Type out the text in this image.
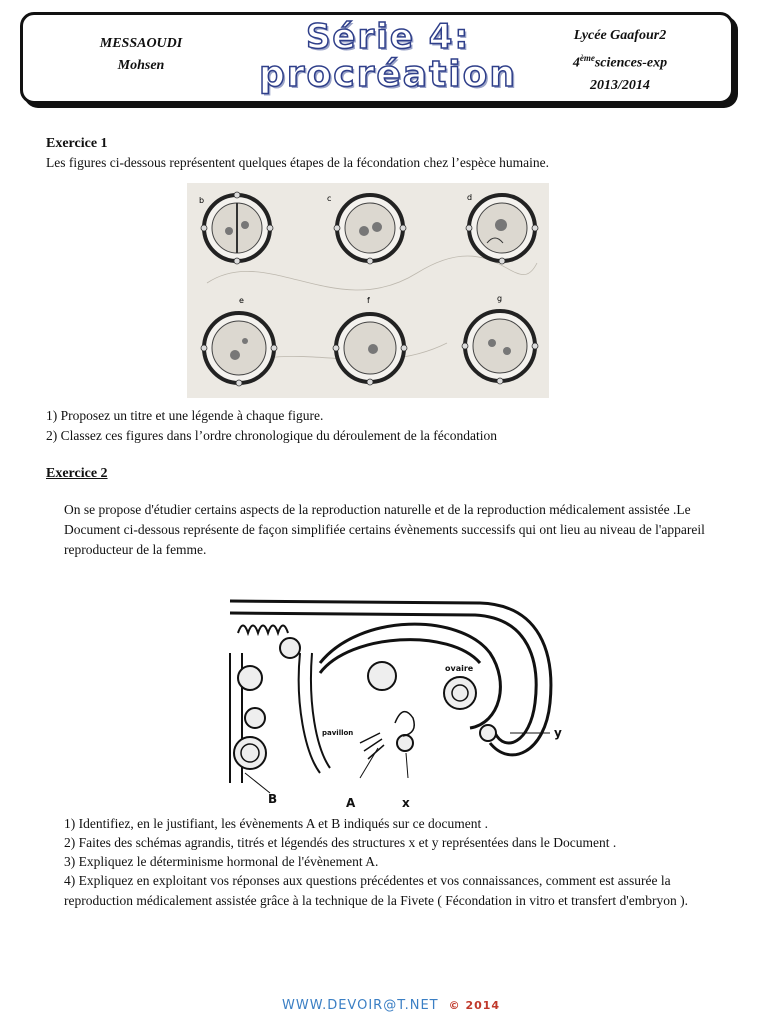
MESSAOUDI
Mohsen
Série 4:
procréation
Lycée Gaafour2
4èmesciences-exp
2013/2014
Exercice 1
Les figures ci-dessous représentent quelques étapes de la fécondation chez l’espèce humaine.
b	c	d
e	f	g
1) Proposez un titre et une légende à chaque figure.
2) Classez ces figures dans l’ordre chronologique du déroulement de la fécondation
Exercice 2
On se propose d'étudier certains aspects de la reproduction naturelle et de la reproduction médicalement assistée .Le Document ci-dessous représente de façon simplifiée certains évènements successifs qui ont lieu au niveau de l'appareil reproducteur de la femme.
ovaire
pavillon
A
B	x
y
1) Identifiez, en le justifiant, les évènements A et B indiqués sur ce document .
2) Faites des schémas agrandis, titrés et légendés des structures x et y représentées dans le Document .
3) Expliquez le déterminisme hormonal de l'évènement A.
4) Expliquez en exploitant vos réponses aux questions précédentes et vos connaissances, comment est assurée la reproduction médicalement assistée grâce à la technique de la Fivete ( Fécondation in vitro et transfert d'embryon ).
WWW.DEVOIR@T.NET © 2014
